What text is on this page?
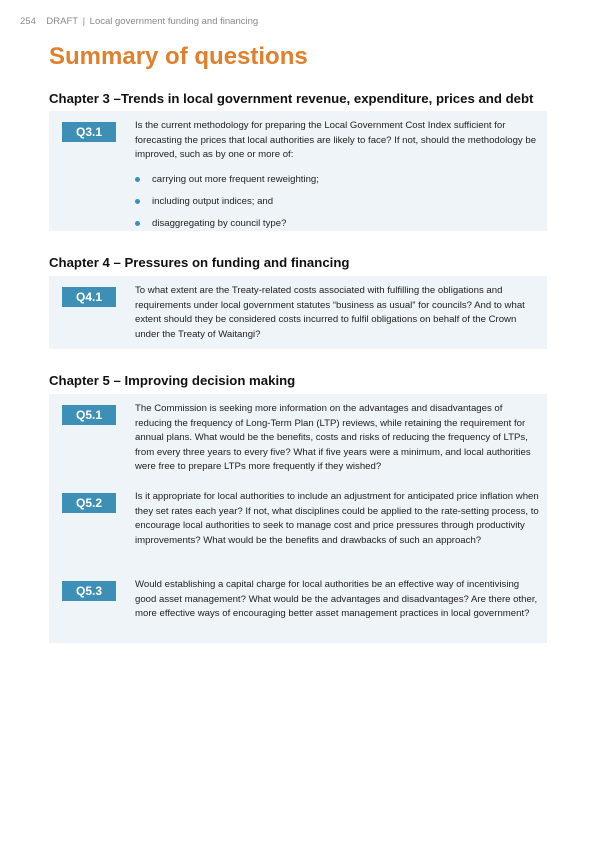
254 DRAFT | Local government funding and financing
Summary of questions
Chapter 3 –Trends in local government revenue, expenditure, prices and debt
Q3.1	Is the current methodology for preparing the Local Government Cost Index sufficient for forecasting the prices that local authorities are likely to face? If not, should the methodology be improved, such as by one or more of:

carrying out more frequent reweighting;
including output indices; and
disaggregating by council type?
Chapter 4 – Pressures on funding and financing
Q4.1	To what extent are the Treaty-related costs associated with fulfilling the obligations and requirements under local government statutes “business as usual” for councils? And to what extent should they be considered costs incurred to fulfil obligations on behalf of the Crown under the Treaty of Waitangi?

Chapter 5 – Improving decision making
Q5.1	The Commission is seeking more information on the advantages and disadvantages of reducing the frequency of Long-Term Plan (LTP) reviews, while retaining the requirement for annual plans. What would be the benefits, costs and risks of reducing the frequency of LTPs, from every three years to every five? What if five years were a minimum, and local authorities were free to prepare LTPs more frequently if they wished?

Q5.2	Is it appropriate for local authorities to include an adjustment for anticipated price inflation when they set rates each year? If not, what disciplines could be applied to the rate-setting process, to encourage local authorities to seek to manage cost and price pressures through productivity improvements? What would be the benefits and drawbacks of such an approach?

Q5.3	Would establishing a capital charge for local authorities be an effective way of incentivising good asset management? What would be the advantages and disadvantages? Are there other, more effective ways of encouraging better asset management practices in local government?
